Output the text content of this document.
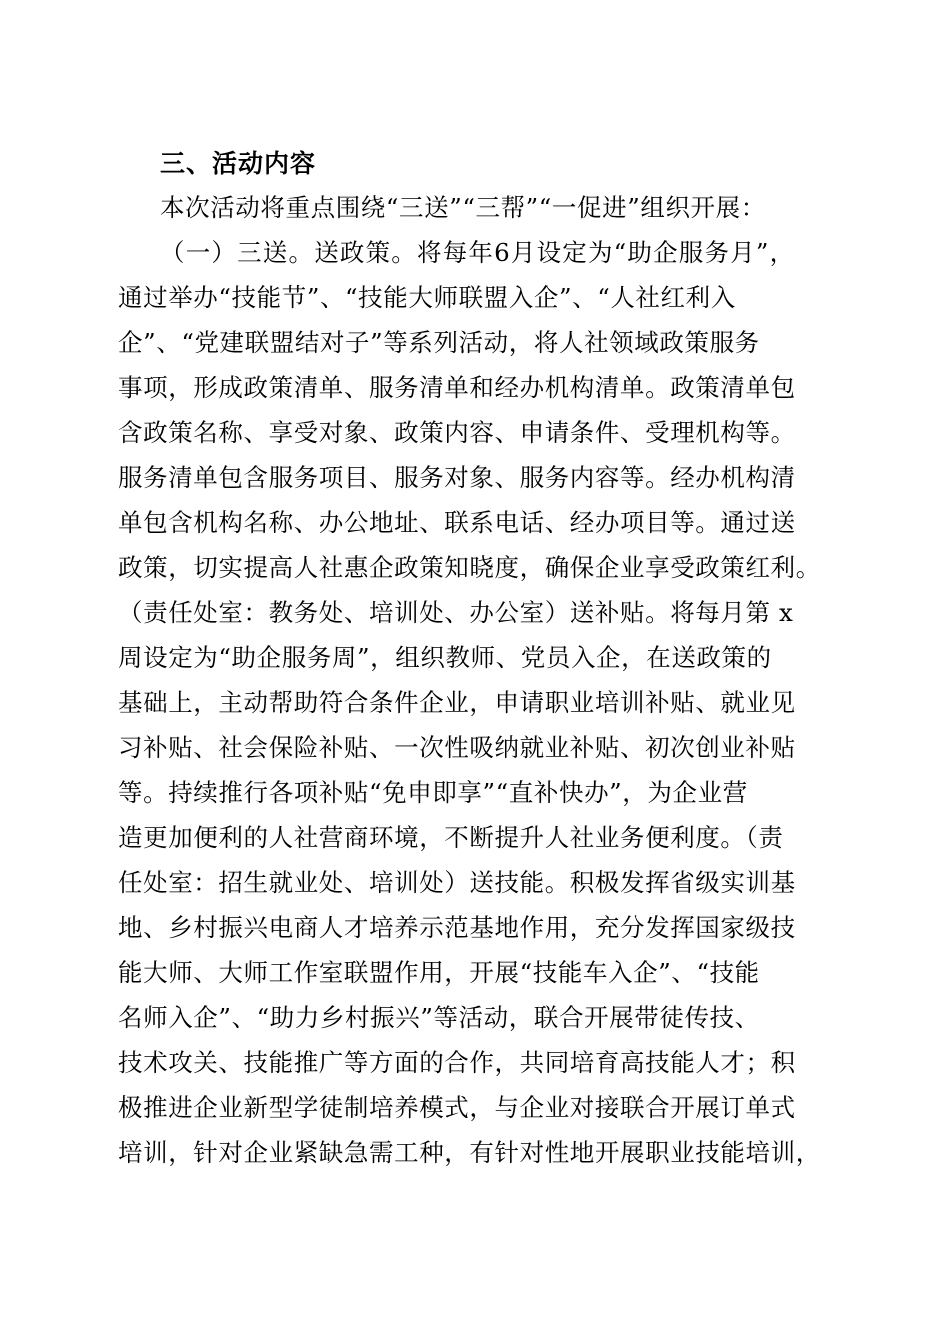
三、活动内容
本次活动将重点围绕“三送”“三帮”“一促进”组织开展：
（一）三送。送政策。将每年6月设定为“助企服务月”，
通过举办“技能节”、“技能大师联盟入企”、“人社红利入
企”、“党建联盟结对子”等系列活动，将人社领域政策服务
事项，形成政策清单、服务清单和经办机构清单。政策清单包
含政策名称、享受对象、政策内容、申请条件、受理机构等。
服务清单包含服务项目、服务对象、服务内容等。经办机构清
单包含机构名称、办公地址、联系电话、经办项目等。通过送
政策，切实提高人社惠企政策知晓度，确保企业享受政策红利。
（责任处室：教务处、培训处、办公室）送补贴。将每月第 x
周设定为“助企服务周”，组织教师、党员入企，在送政策的
基础上，主动帮助符合条件企业，申请职业培训补贴、就业见
习补贴、社会保险补贴、一次性吸纳就业补贴、初次创业补贴
等。持续推行各项补贴“免申即享”“直补快办”，为企业营
造更加便利的人社营商环境，不断提升人社业务便利度。（责
任处室：招生就业处、培训处）送技能。积极发挥省级实训基
地、乡村振兴电商人才培养示范基地作用，充分发挥国家级技
能大师、大师工作室联盟作用，开展“技能车入企”、“技能
名师入企”、“助力乡村振兴”等活动，联合开展带徒传技、
技术攻关、技能推广等方面的合作，共同培育高技能人才；积
极推进企业新型学徒制培养模式，与企业对接联合开展订单式
培训，针对企业紧缺急需工种，有针对性地开展职业技能培训，
